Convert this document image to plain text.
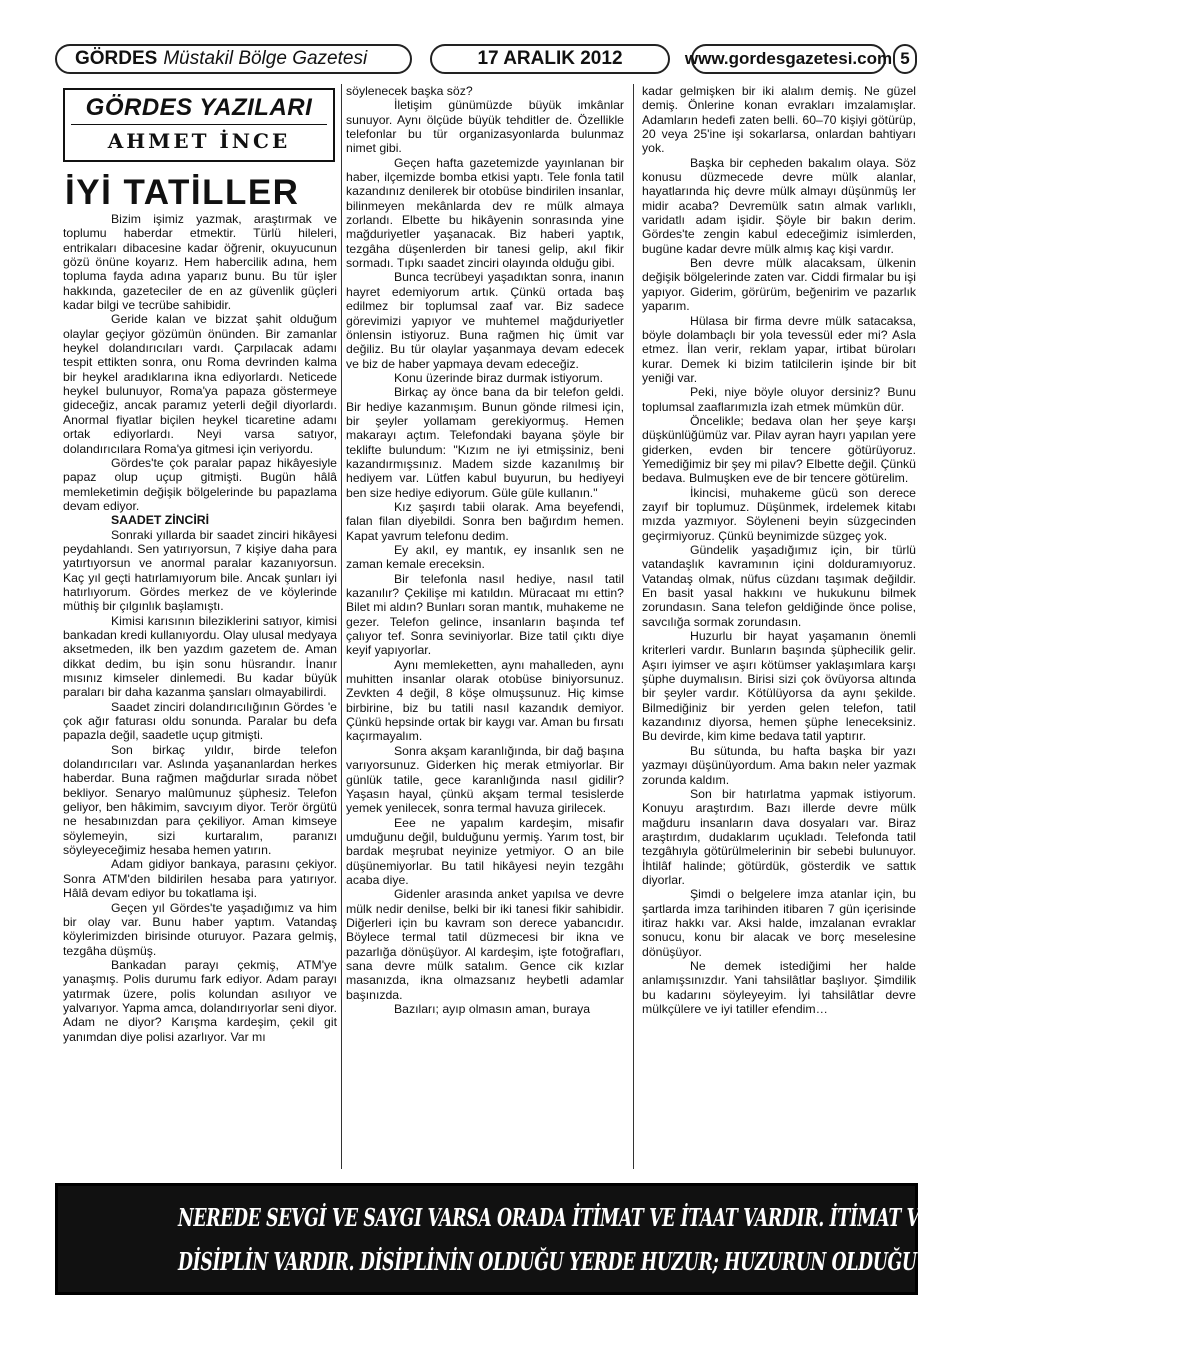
GÖRDES Müstakil Bölge Gazetesi	17 ARALIK 2012	www.gordesgazetesi.com 5
GÖRDES YAZILARI
AHMET İNCE
İYİ TATİLLER

Bizim işimiz yazmak, araştırmak ve toplumu haberdar etmektir. Türlü hileleri, entrikaları dibacesine kadar öğrenir, okuyucunun gözü önüne koyarız. Hem habercilik adına, hem topluma fayda adına yaparız bunu. Bu tür işler hakkında, gazeteciler de en az güvenlik güçleri kadar bilgi ve tecrübe sahibidir.

Geride kalan ve bizzat şahit olduğum olaylar geçiyor gözümün önünden. Bir zamanlar heykel dolandırıcıları vardı. Çarpılacak adamı tespit ettikten sonra, onu Roma devrinden kalma bir heykel aradıklarına ikna ediyorlardı. Neticede heykel bulunuyor, Roma'ya papaza göstermeye gideceğiz, ancak paramız yeterli değil diyorlardı. Anormal fiyatlar biçilen heykel ticaretine adamı ortak ediyorlardı. Neyi varsa satıyor, dolandırıcılara Roma'ya gitmesi için veriyordu.

Gördes'te çok paralar papaz hikâyesiyle papaz olup uçup gitmişti. Bugün hâlâ memleketimin değişik bölgelerinde bu papazlama devam ediyor.

SAADET ZİNCİRİ

Sonraki yıllarda bir saadet zinciri hikâyesi peydahlandı. Sen yatırıyorsun, 7 kişiye daha para yatırtıyorsun ve anormal paralar kazanıyorsun. Kaç yıl geçti hatırlamıyorum bile. Ancak şunları iyi hatırlıyorum. Gördes merkez de ve köylerinde müthiş bir çılgınlık başlamıştı.

Kimisi karısının bileziklerini satıyor, kimisi bankadan kredi kullanıyordu. Olay ulusal medyaya aksetmeden, ilk ben yazdım gazetem de. Aman dikkat dedim, bu işin sonu hüsrandır. İnanır mısınız kimseler dinlemedi. Bu kadar büyük paraları bir daha kazanma şansları olmayabilirdi.

Saadet zinciri dolandırıcılığının Gördes 'e çok ağır faturası oldu sonunda. Paralar bu defa papazla değil, saadetle uçup gitmişti.

Son birkaç yıldır, birde telefon dolandırıcıları var. Aslında yaşananlardan herkes haberdar. Buna rağmen mağdurlar sırada nöbet bekliyor. Senaryo malûmunuz şüphesiz. Telefon geliyor, ben hâkimim, savcıyım diyor. Terör örgütü ne hesabınızdan para çekiliyor. Aman kimseye söylemeyin, sizi kurtaralım, paranızı söyleyeceğimiz hesaba hemen yatırın.

Adam gidiyor bankaya, parasını çekiyor. Sonra ATM'den bildirilen hesaba para yatırıyor. Hâlâ devam ediyor bu tokatlama işi.

Geçen yıl Gördes'te yaşadığımız va him bir olay var. Bunu haber yaptım. Vatandaş köylerimizden birisinde oturuyor. Pazara gelmiş, tezgâha düşmüş.

Bankadan parayı çekmiş, ATM'ye yanaşmış. Polis durumu fark ediyor. Adam parayı yatırmak üzere, polis kolundan asılıyor ve yalvarıyor. Yapma amca, dolandırıyorlar seni diyor. Adam ne diyor? Karışma kardeşim, çekil git yanımdan diye polisi azarlıyor. Var mı

söylenecek başka söz?

İletişim günümüzde büyük imkânlar sunuyor. Aynı ölçüde büyük tehditler de. Özellikle telefonlar bu tür organizasyonlarda bulunmaz nimet gibi.

Geçen hafta gazetemizde yayınlanan bir haber, ilçemizde bomba etkisi yaptı. Tele fonla tatil kazandınız denilerek bir otobüse bindirilen insanlar, bilinmeyen mekânlarda dev re mülk almaya zorlandı. Elbette bu hikâyenin sonrasında yine mağduriyetler yaşanacak. Biz haberi yaptık, tezgâha düşenlerden bir tanesi gelip, akıl fikir sormadı. Tıpkı saadet zinciri olayında olduğu gibi.

Bunca tecrübeyi yaşadıktan sonra, inanın hayret edemiyorum artık. Çünkü ortada baş edilmez bir toplumsal zaaf var. Biz sadece görevimizi yapıyor ve muhtemel mağduriyetler önlensin istiyoruz. Buna rağmen hiç ümit var değiliz. Bu tür olaylar yaşanmaya devam edecek ve biz de haber yapmaya devam edeceğiz.

Konu üzerinde biraz durmak istiyorum.

Birkaç ay önce bana da bir telefon geldi. Bir hediye kazanmışım. Bunun gönde rilmesi için, bir şeyler yollamam gerekiyormuş. Hemen makarayı açtım. Telefondaki bayana şöyle bir teklifte bulundum: "Kızım ne iyi etmişsiniz, beni kazandırmışsınız. Madem sizde kazanılmış bir hediyem var. Lütfen kabul buyurun, bu hediyeyi ben size hediye ediyorum. Güle güle kullanın."

Kız şaşırdı tabii olarak. Ama beyefendi, falan filan diyebildi. Sonra ben bağırdım hemen. Kapat yavrum telefonu dedim.

Ey akıl, ey mantık, ey insanlık sen ne zaman kemale ereceksin.

Bir telefonla nasıl hediye, nasıl tatil kazanılır? Çekilişe mi katıldın. Müracaat mı ettin? Bilet mi aldın? Bunları soran mantık, muhakeme ne gezer. Telefon gelince, insanların başında tef çalıyor tef. Sonra seviniyorlar. Bize tatil çıktı diye keyif yapıyorlar.

Aynı memleketten, aynı mahalleden, aynı muhitten insanlar olarak otobüse biniyorsunuz. Zevkten 4 değil, 8 köşe olmuşsunuz. Hiç kimse birbirine, biz bu tatili nasıl kazandık demiyor. Çünkü hepsinde ortak bir kaygı var. Aman bu fırsatı kaçırmayalım.

Sonra akşam karanlığında, bir dağ başına varıyorsunuz. Giderken hiç merak etmiyorlar. Bir günlük tatile, gece karanlığında nasıl gidilir? Yaşasın hayal, çünkü akşam termal tesislerde yemek yenilecek, sonra termal havuza girilecek.

Eee ne yapalım kardeşim, misafir umduğunu değil, bulduğunu yermiş. Yarım tost, bir bardak meşrubat neyinize yetmiyor. O an bile düşünemiyorlar. Bu tatil hikâyesi neyin tezgâhı acaba diye.

Gidenler arasında anket yapılsa ve devre mülk nedir denilse, belki bir iki tanesi fikir sahibidir. Diğerleri için bu kavram son derece yabancıdır. Böylece termal tatil düzmecesi bir ikna ve pazarlığa dönüşüyor. Al kardeşim, işte fotoğrafları, sana devre mülk satalım. Gence cik kızlar masanızda, ikna olmazsanız heybetli adamlar başınızda.

Bazıları; ayıp olmasın aman, buraya

kadar gelmişken bir iki alalım demiş. Ne güzel demiş. Önlerine konan evrakları imzalamışlar. Adamların hedefi zaten belli. 60–70 kişiyi götürüp, 20 veya 25'ine işi sokarlarsa, onlardan bahtiyarı yok.

Başka bir cepheden bakalım olaya. Söz konusu düzmecede devre mülk alanlar, hayatlarında hiç devre mülk almayı düşünmüş ler midir acaba? Devremülk satın almak varlıklı, varidatlı adam işidir. Şöyle bir bakın derim. Gördes'te zengin kabul edeceğimiz isimlerden, bugüne kadar devre mülk almış kaç kişi vardır.

Ben devre mülk alacaksam, ülkenin değişik bölgelerinde zaten var. Ciddi firmalar bu işi yapıyor. Giderim, görürüm, beğenirim ve pazarlık yaparım.

Hülasa bir firma devre mülk satacaksa, böyle dolambaçlı bir yola tevessül eder mi? Asla etmez. İlan verir, reklam yapar, irtibat büroları kurar. Demek ki bizim tatilcilerin işinde bir bit yeniği var.

Peki, niye böyle oluyor dersiniz? Bunu toplumsal zaaflarımızla izah etmek mümkün dür.

Öncelikle; bedava olan her şeye karşı düşkünlüğümüz var. Pilav ayran hayrı yapılan yere giderken, evden bir tencere götürüyoruz. Yemediğimiz bir şey mi pilav? Elbette değil. Çünkü bedava. Bulmuşken eve de bir tencere götürelim.

İkincisi, muhakeme gücü son derece zayıf bir toplumuz. Düşünmek, irdelemek kitabı mızda yazmıyor. Söyleneni beyin süzgecinden geçirmiyoruz. Çünkü beynimizde süzgeç yok.

Gündelik yaşadığımız için, bir türlü vatandaşlık kavramının içini dolduramıyoruz. Vatandaş olmak, nüfus cüzdanı taşımak değildir. En basit yasal hakkını ve hukukunu bilmek zorundasın. Sana telefon geldiğinde önce polise, savcılığa sormak zorundasın.

Huzurlu bir hayat yaşamanın önemli kriterleri vardır. Bunların başında şüphecilik gelir. Aşırı iyimser ve aşırı kötümser yaklaşımlara karşı şüphe duymalısın. Birisi sizi çok övüyorsa altında bir şeyler vardır. Kötülüyorsa da aynı şekilde. Bilmediğiniz bir yerden gelen telefon, tatil kazandınız diyorsa, hemen şüphe leneceksiniz. Bu devirde, kim kime bedava tatil yaptırır.

Bu sütunda, bu hafta başka bir yazı yazmayı düşünüyordum. Ama bakın neler yazmak zorunda kaldım.

Son bir hatırlatma yapmak istiyorum. Konuyu araştırdım. Bazı illerde devre mülk mağduru insanların dava dosyaları var. Biraz araştırdım, dudaklarım uçukladı. Telefonda tatil tezgâhıyla götürülmelerinin bir sebebi bulunuyor. İhtilâf halinde; götürdük, gösterdik ve sattık diyorlar.

Şimdi o belgelere imza atanlar için, bu şartlarda imza tarihinden itibaren 7 gün içerisinde itiraz hakkı var. Aksi halde, imzalanan evraklar sonucu, konu bir alacak ve borç meselesine dönüşüyor.

Ne demek istediğimi her halde anlamışsınızdır. Yani tahsilâtlar başlıyor. Şimdilik bu kadarını söyleyeyim. İyi tahsilâtlar devre mülkçülere ve iyi tatiller efendim…

NEREDE SEVGİ VE SAYGI VARSA ORADA İTİMAT VE İTAAT VARDIR. İTİMAT VE İTAAT'IN OLDUĞU YERDE
DİSİPLİN VARDIR. DİSİPLİNİN OLDUĞU YERDE HUZUR; HUZURUN OLDUĞU YERDE BAŞARI VARDIR.
